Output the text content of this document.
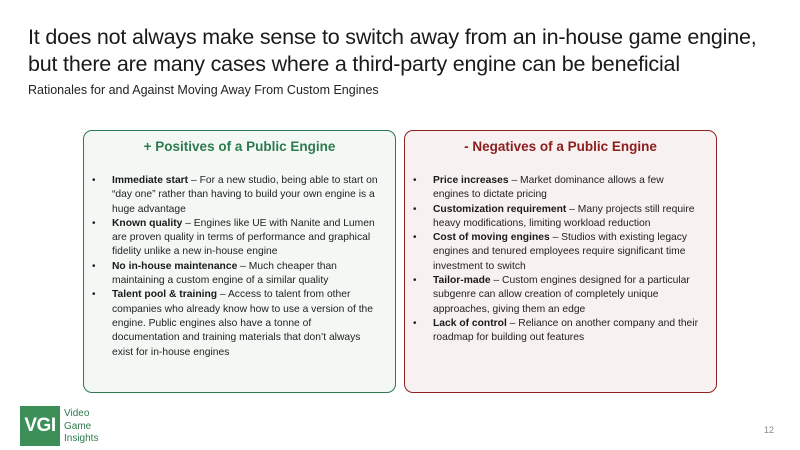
It does not always make sense to switch away from an in-house game engine,
but there are many cases where a third-party engine can be beneficial
Rationales for and Against Moving Away From Custom Engines
+ Positives of a Public Engine
• Immediate start – For a new studio, being able to start on “day one” rather than having to build your own engine is a huge advantage
• Known quality – Engines like UE with Nanite and Lumen are proven quality in terms of performance and graphical fidelity unlike a new in-house engine
• No in-house maintenance – Much cheaper than maintaining a custom engine of a similar quality
• Talent pool & training – Access to talent from other companies who already know how to use a version of the engine. Public engines also have a tonne of documentation and training materials that don’t always exist for in-house engines
- Negatives of a Public Engine
• Price increases – Market dominance allows a few engines to dictate pricing
• Customization requirement – Many projects still require heavy modifications, limiting workload reduction
• Cost of moving engines – Studios with existing legacy engines and tenured employees require significant time investment to switch
• Tailor-made – Custom engines designed for a particular subgenre can allow creation of completely unique approaches, giving them an edge
• Lack of control – Reliance on another company and their roadmap for building out features
VGI
Video
Game
Insights
12
